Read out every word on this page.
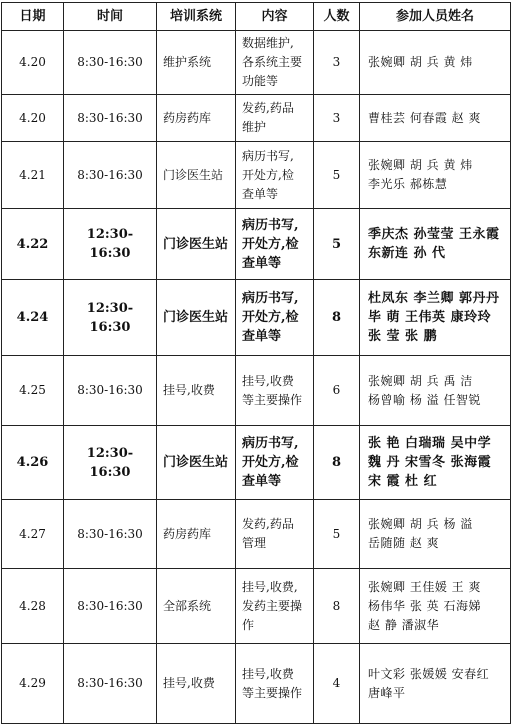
日期	时间	培训系统	内容	人数	参加人员姓名
4.20	8:30-16:30	维护系统	数据维护,
各系统主要
功能等	3	张婉卿 胡 兵 黄 炜

4.20	8:30-16:30	药房药库	发药,药品
维护	3	曹桂芸 何春霞 赵 爽

4.21	8:30-16:30	门诊医生站	病历书写,
开处方,检
查单等	5	张婉卿 胡 兵 黄 炜
李光乐 郝栋慧

4.22	12:30-16:30	门诊医生站	病历书写,
开处方,检
查单等	5	季庆杰 孙莹莹 王永霞
东新连 孙 代

4.24	12:30-16:30	门诊医生站	病历书写,
开处方,检
查单等	8	杜凤东 李兰卿 郭丹丹
毕 萌 王伟英 康玲玲
张 莹 张 鹏

4.25	8:30-16:30	挂号,收费	挂号,收费
等主要操作	6	张婉卿 胡 兵 禹 洁
杨曾喻 杨 溢 任智锐

4.26	12:30-16:30	门诊医生站	病历书写,
开处方,检
查单等	8	张 艳 白瑞瑞 吴中学
魏 丹 宋雪冬 张海霞
宋 霞 杜 红

4.27	8:30-16:30	药房药库	发药,药品
管理	5	张婉卿 胡 兵 杨 溢
岳随随 赵 爽

4.28	8:30-16:30	全部系统	挂号,收费,
发药主要操
作	8	张婉卿 王佳媛 王 爽
杨伟华 张 英 石海娣
赵 静 潘淑华

4.29	8:30-16:30	挂号,收费	挂号,收费
等主要操作	4	叶文彩 张媛媛 安春红
唐峰平
